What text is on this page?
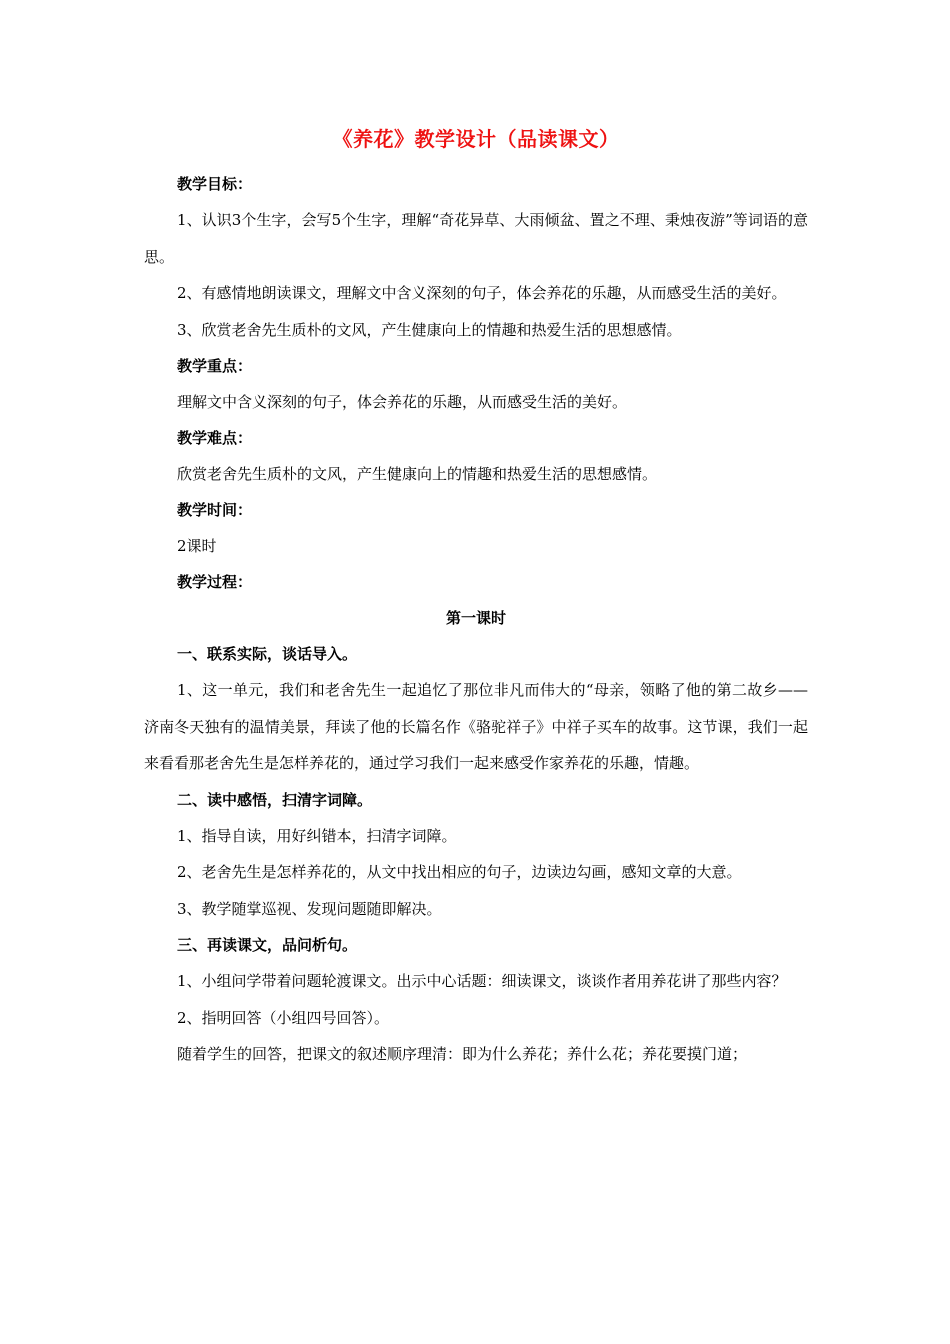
《养花》教学设计（品读课文）

教学目标：

1、认识3个生字，会写5个生字，理解“奇花异草、大雨倾盆、置之不理、秉烛夜游”等词语的意思。

2、有感情地朗读课文，理解文中含义深刻的句子，体会养花的乐趣，从而感受生活的美好。

3、欣赏老舍先生质朴的文风，产生健康向上的情趣和热爱生活的思想感情。

教学重点：

理解文中含义深刻的句子，体会养花的乐趣，从而感受生活的美好。

教学难点：

欣赏老舍先生质朴的文风，产生健康向上的情趣和热爱生活的思想感情。

教学时间：

2课时

教学过程：

第一课时

一、联系实际，谈话导入。

1、这一单元，我们和老舍先生一起追忆了那位非凡而伟大的“母亲，领略了他的第二故乡——济南冬天独有的温情美景，拜读了他的长篇名作《骆驼祥子》中祥子买车的故事。这节课，我们一起来看看那老舍先生是怎样养花的，通过学习我们一起来感受作家养花的乐趣，情趣。

二、读中感悟，扫清字词障。

1、指导自读，用好纠错本，扫清字词障。

2、老舍先生是怎样养花的，从文中找出相应的句子，边读边勾画，感知文章的大意。

3、教学随掌巡视、发现问题随即解决。

三、再读课文，品问析句。

1、小组问学带着问题轮渡课文。出示中心话题：细读课文，谈谈作者用养花讲了那些内容？

2、指明回答（小组四号回答）。

随着学生的回答，把课文的叙述顺序理清：即为什么养花；养什么花；养花要摸门道；
